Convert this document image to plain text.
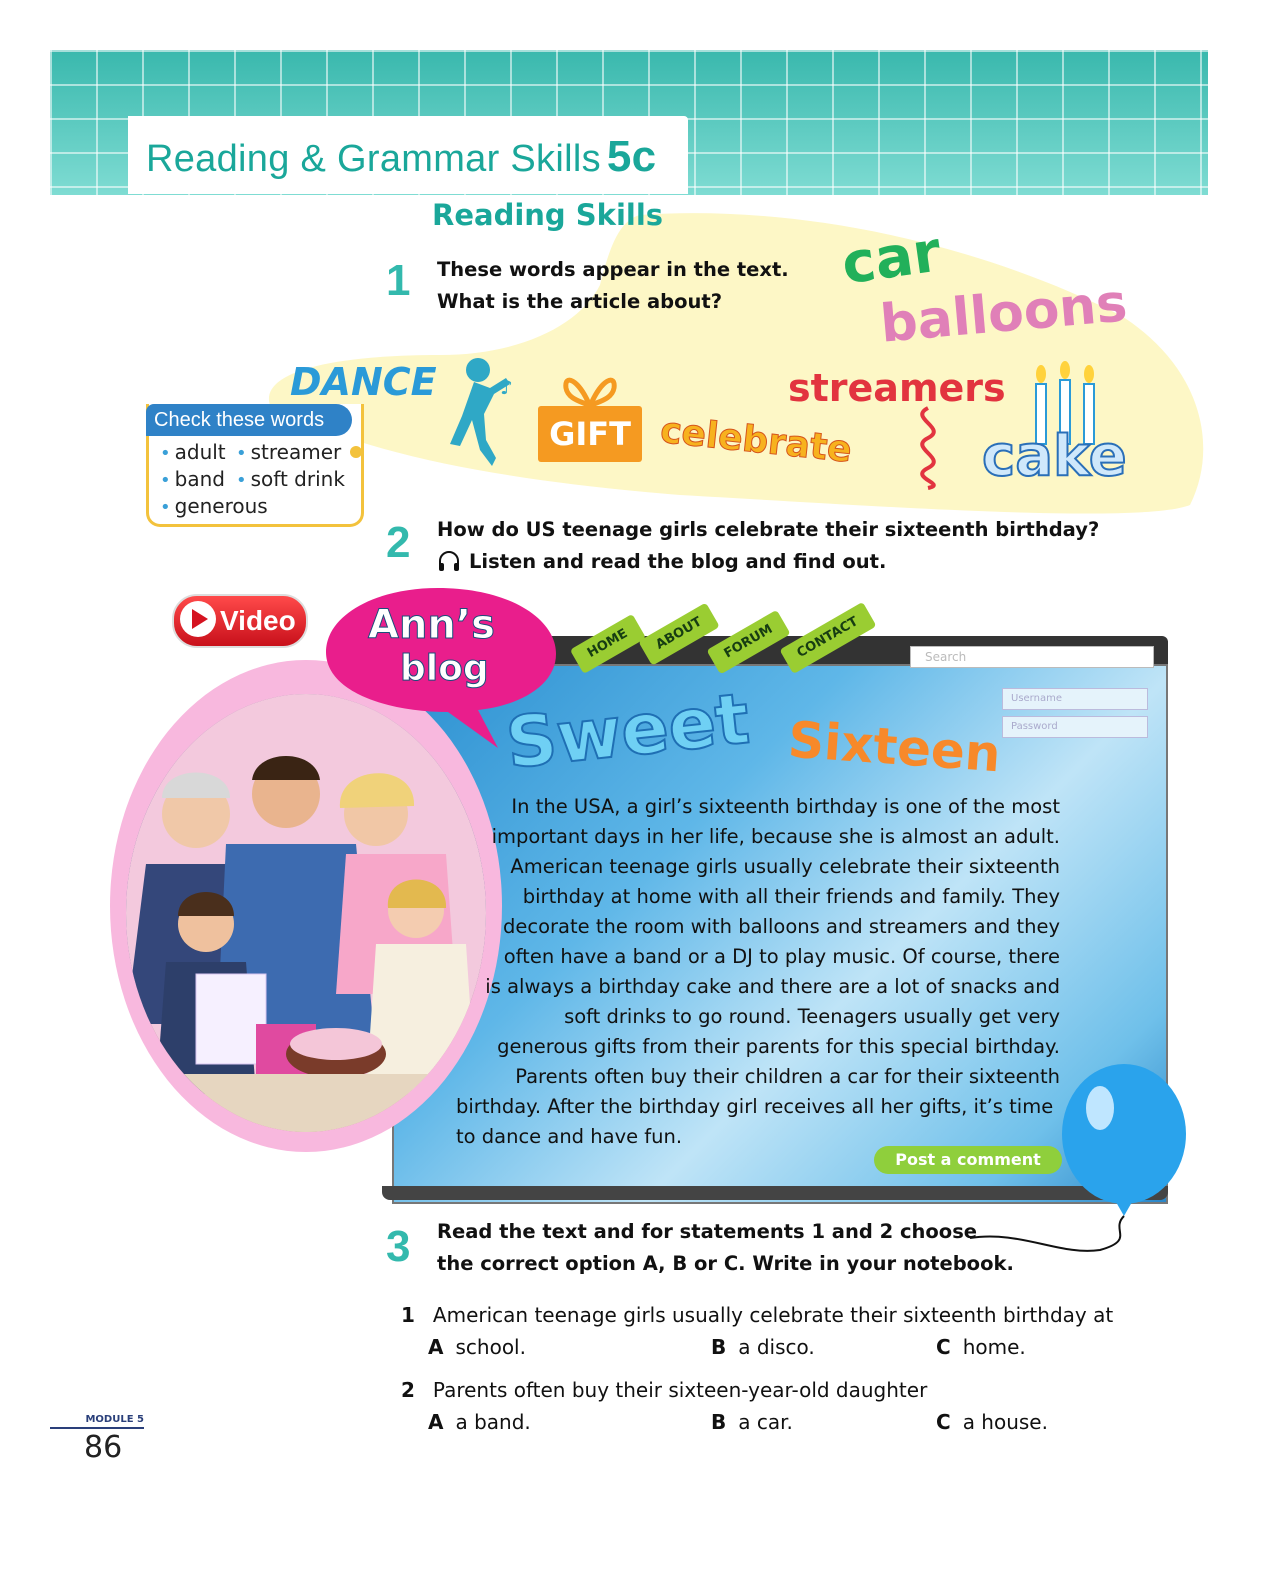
Reading & Grammar Skills 5c
Reading Skills
1 These words appear in the text.
What is the article about?
car
balloons
DANCE	♪
GIFT celebrate
streamers
cake
Check these words
• adult • streamer
• band • soft drink
• generous
2 How do US teenage girls celebrate their sixteenth birthday?
Listen and read the blog and find out.
Video
HOME	ABOUT	FORUM	CONTACT	Search
Username
Password
Ann’s
blog
Sweet Sixteen
In the USA, a girl’s sixteenth birthday is one of the most
important days in her life, because she is almost an adult.
American teenage girls usually celebrate their sixteenth
birthday at home with all their friends and family. They
decorate the room with balloons and streamers and they
often have a band or a DJ to play music. Of course, there
is always a birthday cake and there are a lot of snacks and
soft drinks to go round. Teenagers usually get very
generous gifts from their parents for this special birthday.
Parents often buy their children a car for their sixteenth
birthday. After the birthday girl receives all her gifts, it’s time
to dance and have fun.
Post a comment
3 Read the text and for statements 1 and 2 choose
the correct option A, B or C. Write in your notebook.
1 American teenage girls usually celebrate their sixteenth birthday at
A school.	B a disco.	C home.
2 Parents often buy their sixteen-year-old daughter
A a band.	B a car.	C a house.
MODULE 5
86
